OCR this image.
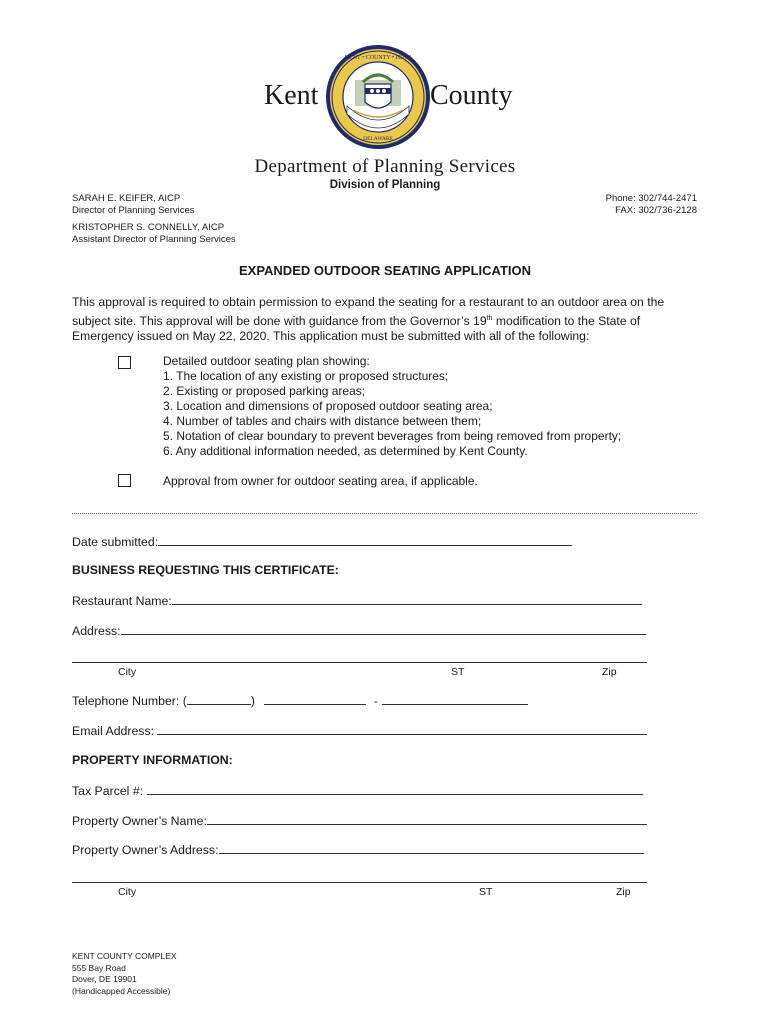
KENT • COUNTY • PENN
DELAWARE
Kent	County
Department of Planning Services
Division of Planning
SARAH E. KEIFER, AICP
Director of Planning Services
KRISTOPHER S. CONNELLY, AICP
Assistant Director of Planning Services
Phone: 302/744-2471
FAX: 302/736-2128
EXPANDED OUTDOOR SEATING APPLICATION
This approval is required to obtain permission to expand the seating for a restaurant to an outdoor area on the subject site. This approval will be done with guidance from the Governor’s 19th modification to the State of Emergency issued on May 22, 2020. This application must be submitted with all of the following:
Detailed outdoor seating plan showing:
1. The location of any existing or proposed structures;
2. Existing or proposed parking areas;
3. Location and dimensions of proposed outdoor seating area;
4. Number of tables and chairs with distance between them;
5. Notation of clear boundary to prevent beverages from being removed from property;
6. Any additional information needed, as determined by Kent County.
Approval from owner for outdoor seating area, if applicable.
Date submitted:
BUSINESS REQUESTING THIS CERTIFICATE:
Restaurant Name:
Address:
City	ST	Zip
Telephone Number: (	)	-
Email Address:
PROPERTY INFORMATION:
Tax Parcel #:
Property Owner’s Name:
Property Owner’s Address:
City	ST	Zip
KENT COUNTY COMPLEX
555 Bay Road
Dover, DE 19901
(Handicapped Accessible)
